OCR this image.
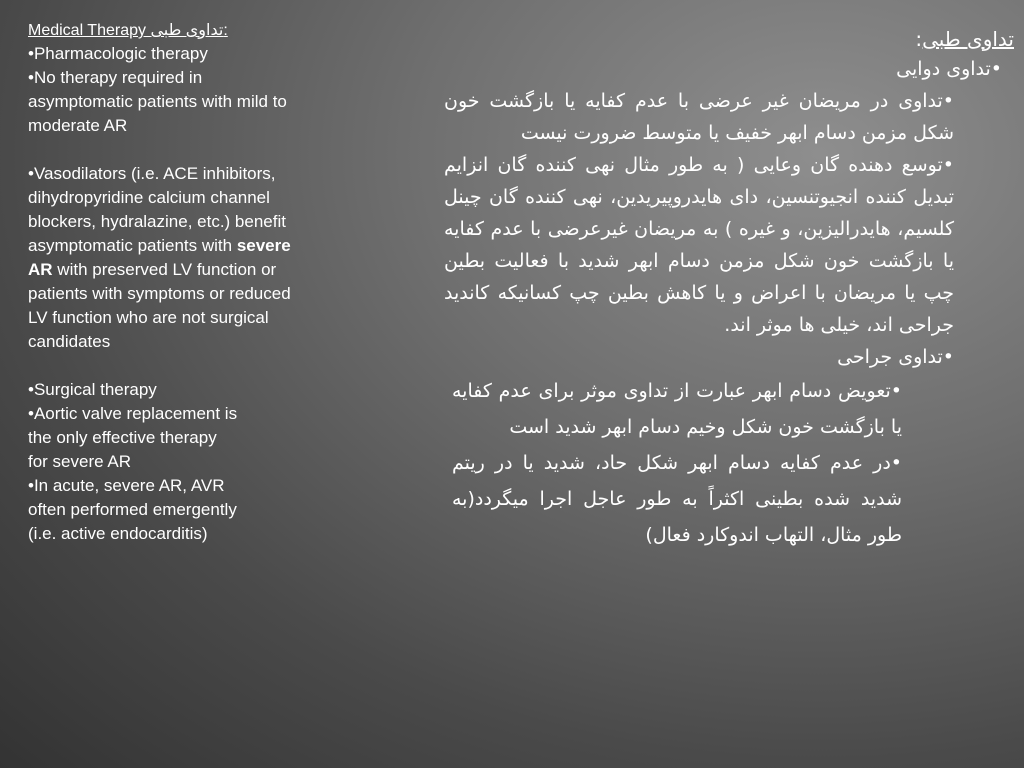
Medical Therapy تداوی طبی:

•Pharmacologic therapy

•No therapy required in asymptomatic patients with mild to moderate AR

•Vasodilators (i.e. ACE inhibitors, dihydropyridine calcium channel blockers, hydralazine, etc.) benefit asymptomatic patients with severe AR with preserved LV function or patients with symptoms or reduced LV function who are not surgical candidates

•Surgical therapy

•Aortic valve replacement is the only effective therapy for severe AR

•In acute, severe AR, AVR often performed emergently (i.e. active endocarditis)

تداوی طبی:

•تداوی دوایی

•تداوی در مریضان غیر عرضی با عدم کفایه یا بازگشت خون شکل مزمن دسام ابهر خفیف یا متوسط ضرورت نیست

•توسع دهنده گان وعایی ( به طور مثال نهی کننده گان انزایم تبدیل کننده انجیوتنسین، دای هایدروپیریدین، نهی کننده گان چینل کلسیم، هایدرالیزین، و غیره ) به مریضان غیرعرضی با عدم کفایه یا بازگشت خون شکل مزمن دسام ابهر شدید با فعالیت بطین چپ یا مریضان با اعراض و یا کاهش بطین چپ کسانیکه کاندید جراحی اند، خیلی ها موثر اند.

•تداوی جراحی

•تعویض دسام ابهر عبارت از تداوی موثر برای عدم کفایه یا بازگشت خون شکل وخیم دسام ابهر شدید است

•در عدم کفایه دسام ابهر شکل حاد، شدید یا در ریتم شدید شده بطینی اکثراً به طور عاجل اجرا میگردد(به طور مثال، التهاب اندوکارد فعال)
